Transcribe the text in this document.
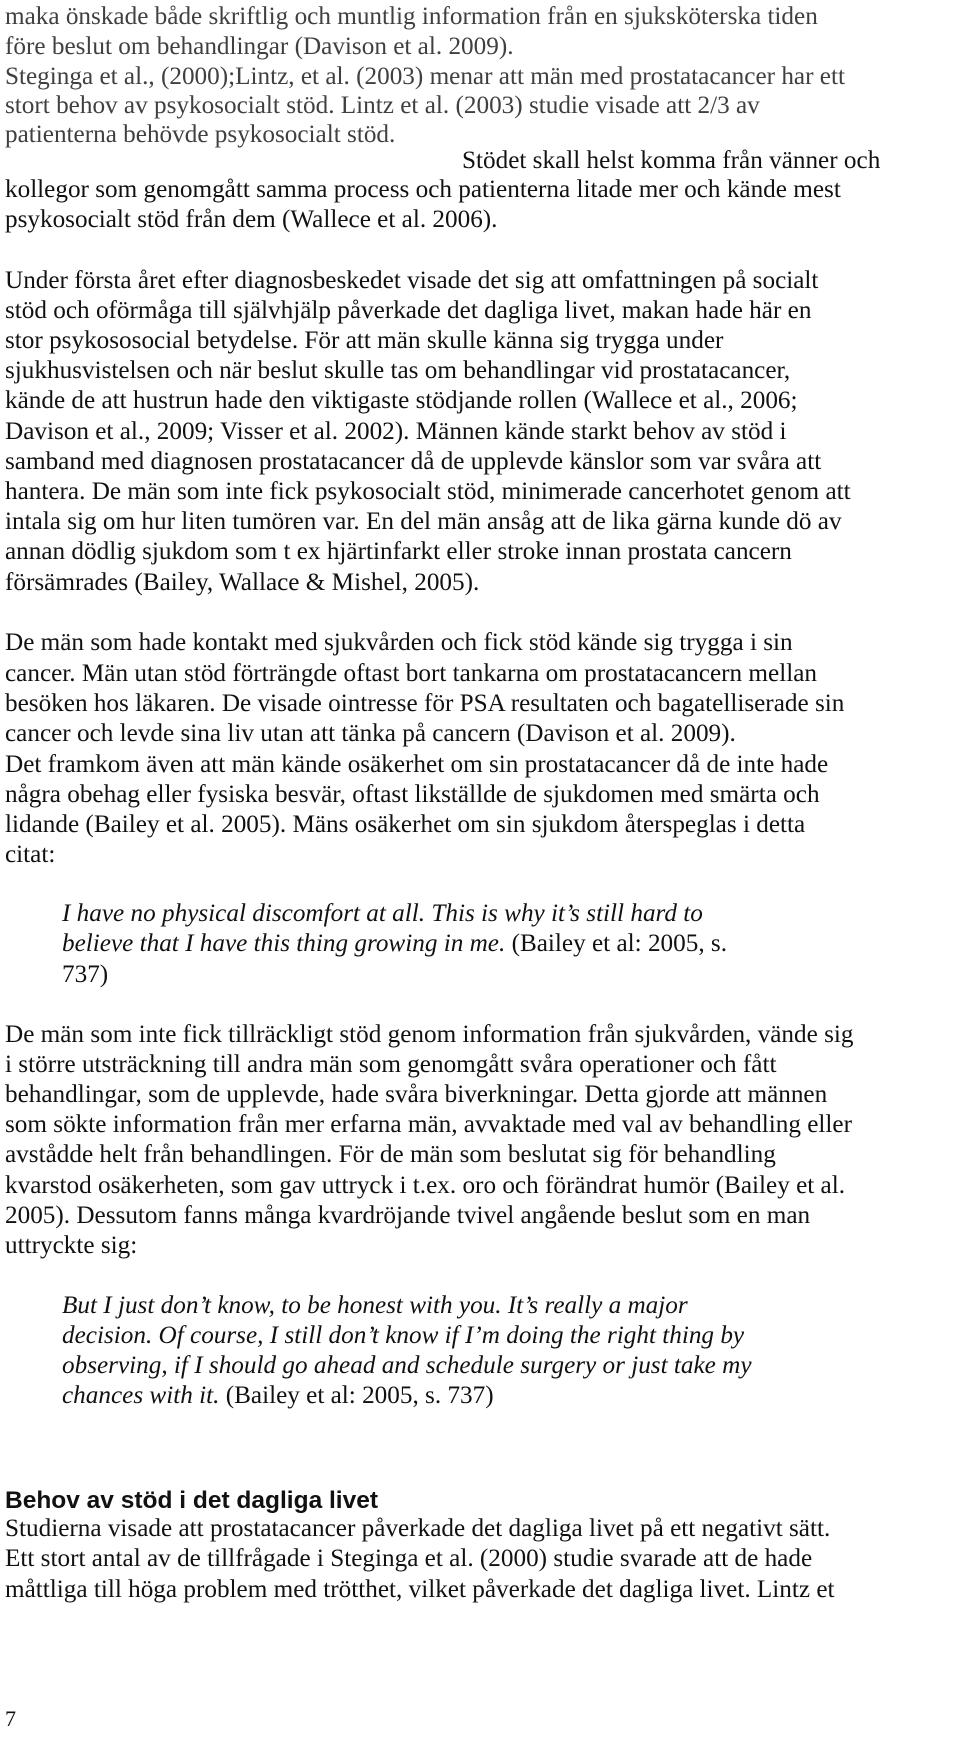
maka önskade både skriftlig och muntlig information från en sjuksköterska tiden
före beslut om behandlingar (Davison et al. 2009).
Steginga et al., (2000);Lintz, et al. (2003) menar att män med prostatacancer har ett
stort behov av psykosocialt stöd. Lintz et al. (2003) studie visade att 2/3 av
patienterna behövde psykosocialt stöd.
Stödet skall helst komma från vänner och
kollegor som genomgått samma process och patienterna litade mer och kände mest
psykosocialt stöd från dem (Wallece et al. 2006).
Under första året efter diagnosbeskedet visade det sig att omfattningen på socialt
stöd och oförmåga till självhjälp påverkade det dagliga livet, makan hade här en
stor psykososocial betydelse. För att män skulle känna sig trygga under
sjukhusvistelsen och när beslut skulle tas om behandlingar vid prostatacancer,
kände de att hustrun hade den viktigaste stödjande rollen (Wallece et al., 2006;
Davison et al., 2009; Visser et al. 2002). Männen kände starkt behov av stöd i
samband med diagnosen prostatacancer då de upplevde känslor som var svåra att
hantera. De män som inte fick psykosocialt stöd, minimerade cancerhotet genom att
intala sig om hur liten tumören var. En del män ansåg att de lika gärna kunde dö av
annan dödlig sjukdom som t ex hjärtinfarkt eller stroke innan prostata cancern
försämrades (Bailey, Wallace & Mishel, 2005).
De män som hade kontakt med sjukvården och fick stöd kände sig trygga i sin
cancer. Män utan stöd förträngde oftast bort tankarna om prostatacancern mellan
besöken hos läkaren. De visade ointresse för PSA resultaten och bagatelliserade sin
cancer och levde sina liv utan att tänka på cancern (Davison et al. 2009).
Det framkom även att män kände osäkerhet om sin prostatacancer då de inte hade
några obehag eller fysiska besvär, oftast likställde de sjukdomen med smärta och
lidande (Bailey et al. 2005). Mäns osäkerhet om sin sjukdom återspeglas i detta
citat:
I have no physical discomfort at all. This is why it’s still hard to
believe that I have this thing growing in me. (Bailey et al: 2005, s.
737)
De män som inte fick tillräckligt stöd genom information från sjukvården, vände sig
i större utsträckning till andra män som genomgått svåra operationer och fått
behandlingar, som de upplevde, hade svåra biverkningar. Detta gjorde att männen
som sökte information från mer erfarna män, avvaktade med val av behandling eller
avstådde helt från behandlingen. För de män som beslutat sig för behandling
kvarstod osäkerheten, som gav uttryck i t.ex. oro och förändrat humör (Bailey et al.
2005). Dessutom fanns många kvardröjande tvivel angående beslut som en man
uttryckte sig:
But I just don’t know, to be honest with you. It’s really a major
decision. Of course, I still don’t know if I’m doing the right thing by
observing, if I should go ahead and schedule surgery or just take my
chances with it. (Bailey et al: 2005, s. 737)
Behov av stöd i det dagliga livet
Studierna visade att prostatacancer påverkade det dagliga livet på ett negativt sätt.
Ett stort antal av de tillfrågade i Steginga et al. (2000) studie svarade att de hade
måttliga till höga problem med trötthet, vilket påverkade det dagliga livet. Lintz et
7
